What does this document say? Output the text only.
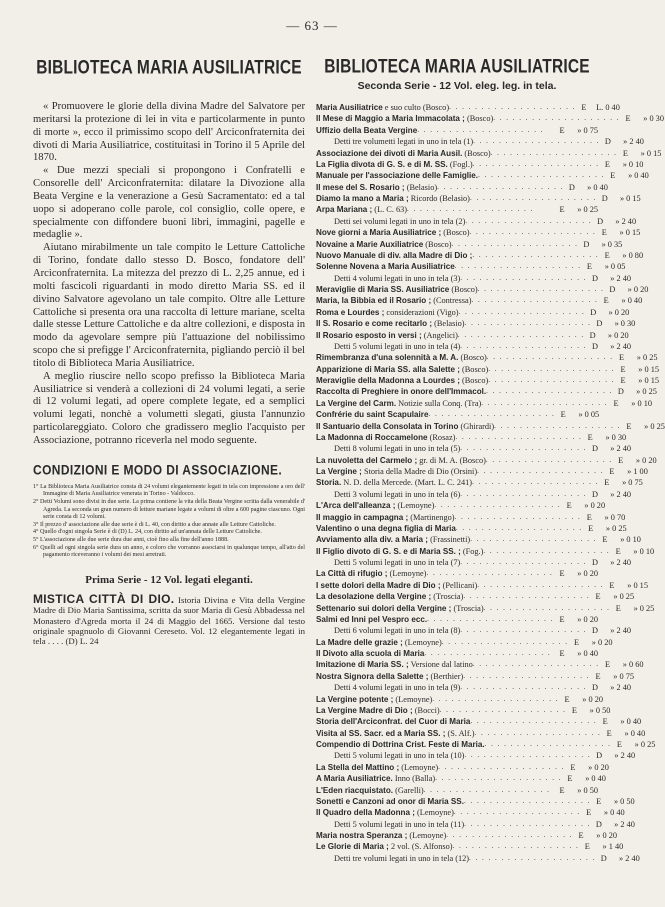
— 63 —
BIBLIOTECA MARIA AUSILIATRICE

« Promuovere le glorie della divina Madre del Salvatore per meritarsi la protezione di lei in vita e particolarmente in punto di morte », ecco il primissimo scopo dell' Arciconfraternita dei divoti di Maria Ausiliatrice, costituitasi in Torino il 5 Aprile del 1870.

« Due mezzi speciali si propongono i Confratelli e Consorelle dell' Arciconfraternita: dilatare la Divozione alla Beata Vergine e la venerazione a Gesù Sacramentato: ed a tal uopo si adoperano colle parole, col consiglio, colle opere, e specialmente con diffondere buoni libri, immagini, pagelle e medaglie ».

Aiutano mirabilmente un tale compito le Letture Cattoliche di Torino, fondate dallo stesso D. Bosco, fondatore dell' Arciconfraternita. La mitezza del prezzo di L. 2,25 annue, ed i molti fascicoli riguardanti in modo diretto Maria SS. ed il divino Salvatore agevolano un tale compito. Oltre alle Letture Cattoliche si presenta ora una raccolta di letture mariane, scelta dalle stesse Letture Cattoliche e da altre collezioni, e disposta in modo da agevolare sempre più l'attuazione del nobilissimo scopo che si prefigge l' Arciconfraternita, pigliando perciò il bel titolo di Biblioteca Maria Ausiliatrice.

A meglio riuscire nello scopo prefisso la Biblioteca Maria Ausiliatrice si venderà a collezioni di 24 volumi legati, a serie di 12 volumi legati, ad opere complete legate, ed a semplici volumi legati, nonchè a volumetti slegati, giusta l'annunzio particolareggiato. Coloro che gradissero meglio l'acquisto per Associazione, potranno riceverla nel modo seguente.

CONDIZIONI E MODO DI ASSOCIAZIONE.

1° La Biblioteca Maria Ausiliatrice consta di 24 volumi elegantemente legati in tela con impressione a oro dell' Immagine di Maria Ausiliatrice venerata in Torino - Valdocco.

2° Detti Volumi sono divisi in due serie. La prima contiene la vita della Beata Vergine scritta dalla venerabile d' Agreda. La seconda un gran numero di letture mariane legate a volumi di oltre a 600 pagine ciascuno. Ogni serie consta di 12 volumi.

3° Il prezzo d' associazione alle due serie è di L. 40, con diritto a due annate alle Letture Cattoliche.

4° Quello d'ogni singola Serie è di (D) L. 24, con diritto ad un'annata delle Letture Cattoliche.

5° L'associazione alle due serie dura due anni, cioè fino alla fine dell'anno 1888.

6° Quelli ad ogni singola serie dura un anno, e coloro che vorranno associarsi in qualunque tempo, all'atto del pagamento riceveranno i volumi dei mesi arretrati.

Prima Serie - 12 Vol. legati eleganti.
MISTICA CITTÀ DI DIO. Istoria Divina e Vita della Vergine Madre di Dio Maria Santissima, scritta da suor Maria di Gesù Abbadessa nel Monastero d'Agreda morta il 24 di Maggio del 1665. Versione dal testo originale spagnuolo di Giovanni Cereseto. Vol. 12 elegantemente legati in tela . . . . (D) L. 24
BIBLIOTECA MARIA AUSILIATRICE
Seconda Serie - 12 Vol. eleg. leg. in tela.
Maria Ausiliatrice e suo culto (Bosco) . . . . . . . . . . . . . . . . . . . . E	L. 0 40
Il Mese di Maggio a Maria Immacolata ; (Bosco) . . . . . . . . . . . . . . . . . . . . E	» 0 30
Uffizio della Beata Vergine . . . . . . . . . . . . . . . . . . . .	E	» 0 75
Detti tre volumetti legati in uno in tela (1) . . . . . . . . . . . . . . . . . . . . D	» 2 40
Associazione dei divoti di Maria Ausil. (Bosco) . . . . . . . . . . . . . . . . . . . . E	» 0 15
La Figlia divota di G. S. e di M. SS. (Fogl.) . . . . . . . . . . . . . . . . . . . . E	» 0 10
Manuale per l'associazione delle Famiglie. . . . . . . . . . . . . . . . . . . . . E	» 0 40
Il mese del S. Rosario ; (Belasio) . . . . . . . . . . . . . . . . . . . . D	» 0 40
Diamo la mano a Maria ; Ricordo (Belasio) . . . . . . . . . . . . . . . . . . . . D	» 0 15
Arpa Mariana ; (L. C. 63) . . . . . . . . . . . . . . . . . . . .	E	» 0 25
Detti sei volumi legati in uno in tela (2) . . . . . . . . . . . . . . . . . . . . D	» 2 40
Nove giorni a Maria Ausiliatrice ; (Bosco) . . . . . . . . . . . . . . . . . . . . E	» 0 15
Novaine a Marie Auxiliatrice (Bosco) . . . . . . . . . . . . . . . . . . . . D	» 0 35
Nuovo Manuale di div. alla Madre di Dio ; . . . . . . . . . . . . . . . . . . . . E	» 0 80
Solenne Novena a Maria Ausiliatrice . . . . . . . . . . . . . . . . . . . . E	» 0 05
Detti 4 volumi legati in uno in tela (3) . . . . . . . . . . . . . . . . . . . . D	» 2 40
Meraviglie di Maria SS. Ausiliatrice (Bosco) . . . . . . . . . . . . . . . . . . . . D	» 0 20
Maria, la Bibbia ed il Rosario ; (Contressa) . . . . . . . . . . . . . . . . . . . . E	» 0 40
Roma e Lourdes ; considerazioni (Vigo) . . . . . . . . . . . . . . . . . . . . D	» 0 20
Il S. Rosario e come recitarlo ; (Belasio) . . . . . . . . . . . . . . . . . . . . D	» 0 30
Il Rosario esposto in versi ; (Angelici) . . . . . . . . . . . . . . . . . . . . D	» 0 20
Detti 5 volumi legati in uno in tela (4) . . . . . . . . . . . . . . . . . . . . D	» 2 40
Rimembranza d'una solennità a M. A. (Bosco) . . . . . . . . . . . . . . . . . . . . E	» 0 25
Apparizione di Maria SS. alla Salette ; (Bosco) . . . . . . . . . . . . . . . . . . . . E	» 0 15
Meraviglie della Madonna a Lourdes ; (Bosco) . . . . . . . . . . . . . . . . . . . . E	» 0 15
Raccolta di Preghiere in onore dell'Immacol. . . . . . . . . . . . . . . . . . . . . D	» 0 25
La Vergine del Carm. Notizie sulla Conq. (Tra) . . . . . . . . . . . . . . . . . . . . E	» 0 10
Confrérie du saint Scapulaire . . . . . . . . . . . . . . . . . . . . E	» 0 05
Il Santuario della Consolata in Torino (Ghirardi) . . . . . . . . . . . . . . . . . . . . E	» 0 25
La Madonna di Roccamelone (Rosaz) . . . . . . . . . . . . . . . . . . . . E	» 0 30
Detti 8 volumi legati in uno in tela (5) . . . . . . . . . . . . . . . . . . . . D	» 2 40
La nuvoletta del Carmelo ; gr. di M. A. (Bosco) . . . . . . . . . . . . . . . . . . . . E	» 0 20
La Vergine ; Storia della Madre di Dio (Orsini) . . . . . . . . . . . . . . . . . . . . E	» 1 00
Storia. N. D. della Mercede. (Mart. L. C. 241) . . . . . . . . . . . . . . . . . . . . E	» 0 75
Detti 3 volumi legati in uno in tela (6) . . . . . . . . . . . . . . . . . . . . D	» 2 40
L'Arca dell'alleanza ; (Lemoyne) . . . . . . . . . . . . . . . . . . . . E	» 0 20
Il maggio in campagna ; (Martinengo) . . . . . . . . . . . . . . . . . . . . E	» 0 70
Valentino o una degna figlia di Maria . . . . . . . . . . . . . . . . . . . . E	» 0 25
Avviamento alla div. a Maria ; (Frassinetti) . . . . . . . . . . . . . . . . . . . . E	» 0 10
Il Figlio divoto di G. S. e di Maria SS. ; (Fog.) . . . . . . . . . . . . . . . . . . . . E	» 0 10
Detti 5 volumi legati in uno in tela (7) . . . . . . . . . . . . . . . . . . . . D	» 2 40
La Città di rifugio ; (Lemoyne) . . . . . . . . . . . . . . . . . . . . E	» 0 20
I sette dolori della Madre di Dio ; (Pellicani) . . . . . . . . . . . . . . . . . . . . E	» 0 15
La desolazione della Vergine ; (Troscia) . . . . . . . . . . . . . . . . . . . . E	» 0 25
Settenario sui dolori della Vergine ; (Troscia) . . . . . . . . . . . . . . . . . . . . E	» 0 25
Salmi ed Inni pel Vespro ecc. . . . . . . . . . . . . . . . . . . . . E	» 0 20
Detti 6 volumi legati in uno in tela (8) . . . . . . . . . . . . . . . . . . . . D	» 2 40
La Madre delle grazie ; (Lemoyne) . . . . . . . . . . . . . . . . . . . . E	» 0 20
Il Divoto alla scuola di Maria . . . . . . . . . . . . . . . . . . . . E	» 0 40
Imitazione di Maria SS. ; Versione dal latino . . . . . . . . . . . . . . . . . . . . E	» 0 60
Nostra Signora della Salette ; (Berthier) . . . . . . . . . . . . . . . . . . . . E	» 0 75
Detti 4 volumi legati in uno in tela (9) . . . . . . . . . . . . . . . . . . . . D	» 2 40
La Vergine potente ; (Lemoyne) . . . . . . . . . . . . . . . . . . . . E	» 0 20
La Vergine Madre di Dio ; (Bocci) . . . . . . . . . . . . . . . . . . . . E	» 0 50
Storia dell'Arciconfrat. del Cuor di Maria . . . . . . . . . . . . . . . . . . . . E	» 0 40
Visita al SS. Sacr. ed a Maria SS. ; (S. Alf.) . . . . . . . . . . . . . . . . . . . . E	» 0 40
Compendio di Dottrina Crist. Feste di Maria. . . . . . . . . . . . . . . . . . . . . E	» 0 25
Detti 5 volumi legati in uno in tela (10) . . . . . . . . . . . . . . . . . . . . D	» 2 40
La Stella del Mattino ; (Lemoyne) . . . . . . . . . . . . . . . . . . . . E	» 0 20
A Maria Ausiliatrice. Inno (Balla) . . . . . . . . . . . . . . . . . . . . E	» 0 40
L'Eden riacquistato. (Garelli) . . . . . . . . . . . . . . . . . . . .	E	» 0 50
Sonetti e Canzoni ad onor di Maria SS. . . . . . . . . . . . . . . . . . . . . E	» 0 50
Il Quadro della Madonna ; (Lemoyne) . . . . . . . . . . . . . . . . . . . . E	» 0 40
Detti 5 volumi legati in uno in tela (11) . . . . . . . . . . . . . . . . . . . . D	» 2 40
Maria nostra Speranza ; (Lemoyne) . . . . . . . . . . . . . . . . . . . . E	» 0 20
Le Glorie di Maria ; 2 vol. (S. Alfonso) . . . . . . . . . . . . . . . . . . . . E	» 1 40
Detti tre volumi legati in uno in tela (12) . . . . . . . . . . . . . . . . . . . . D	» 2 40
